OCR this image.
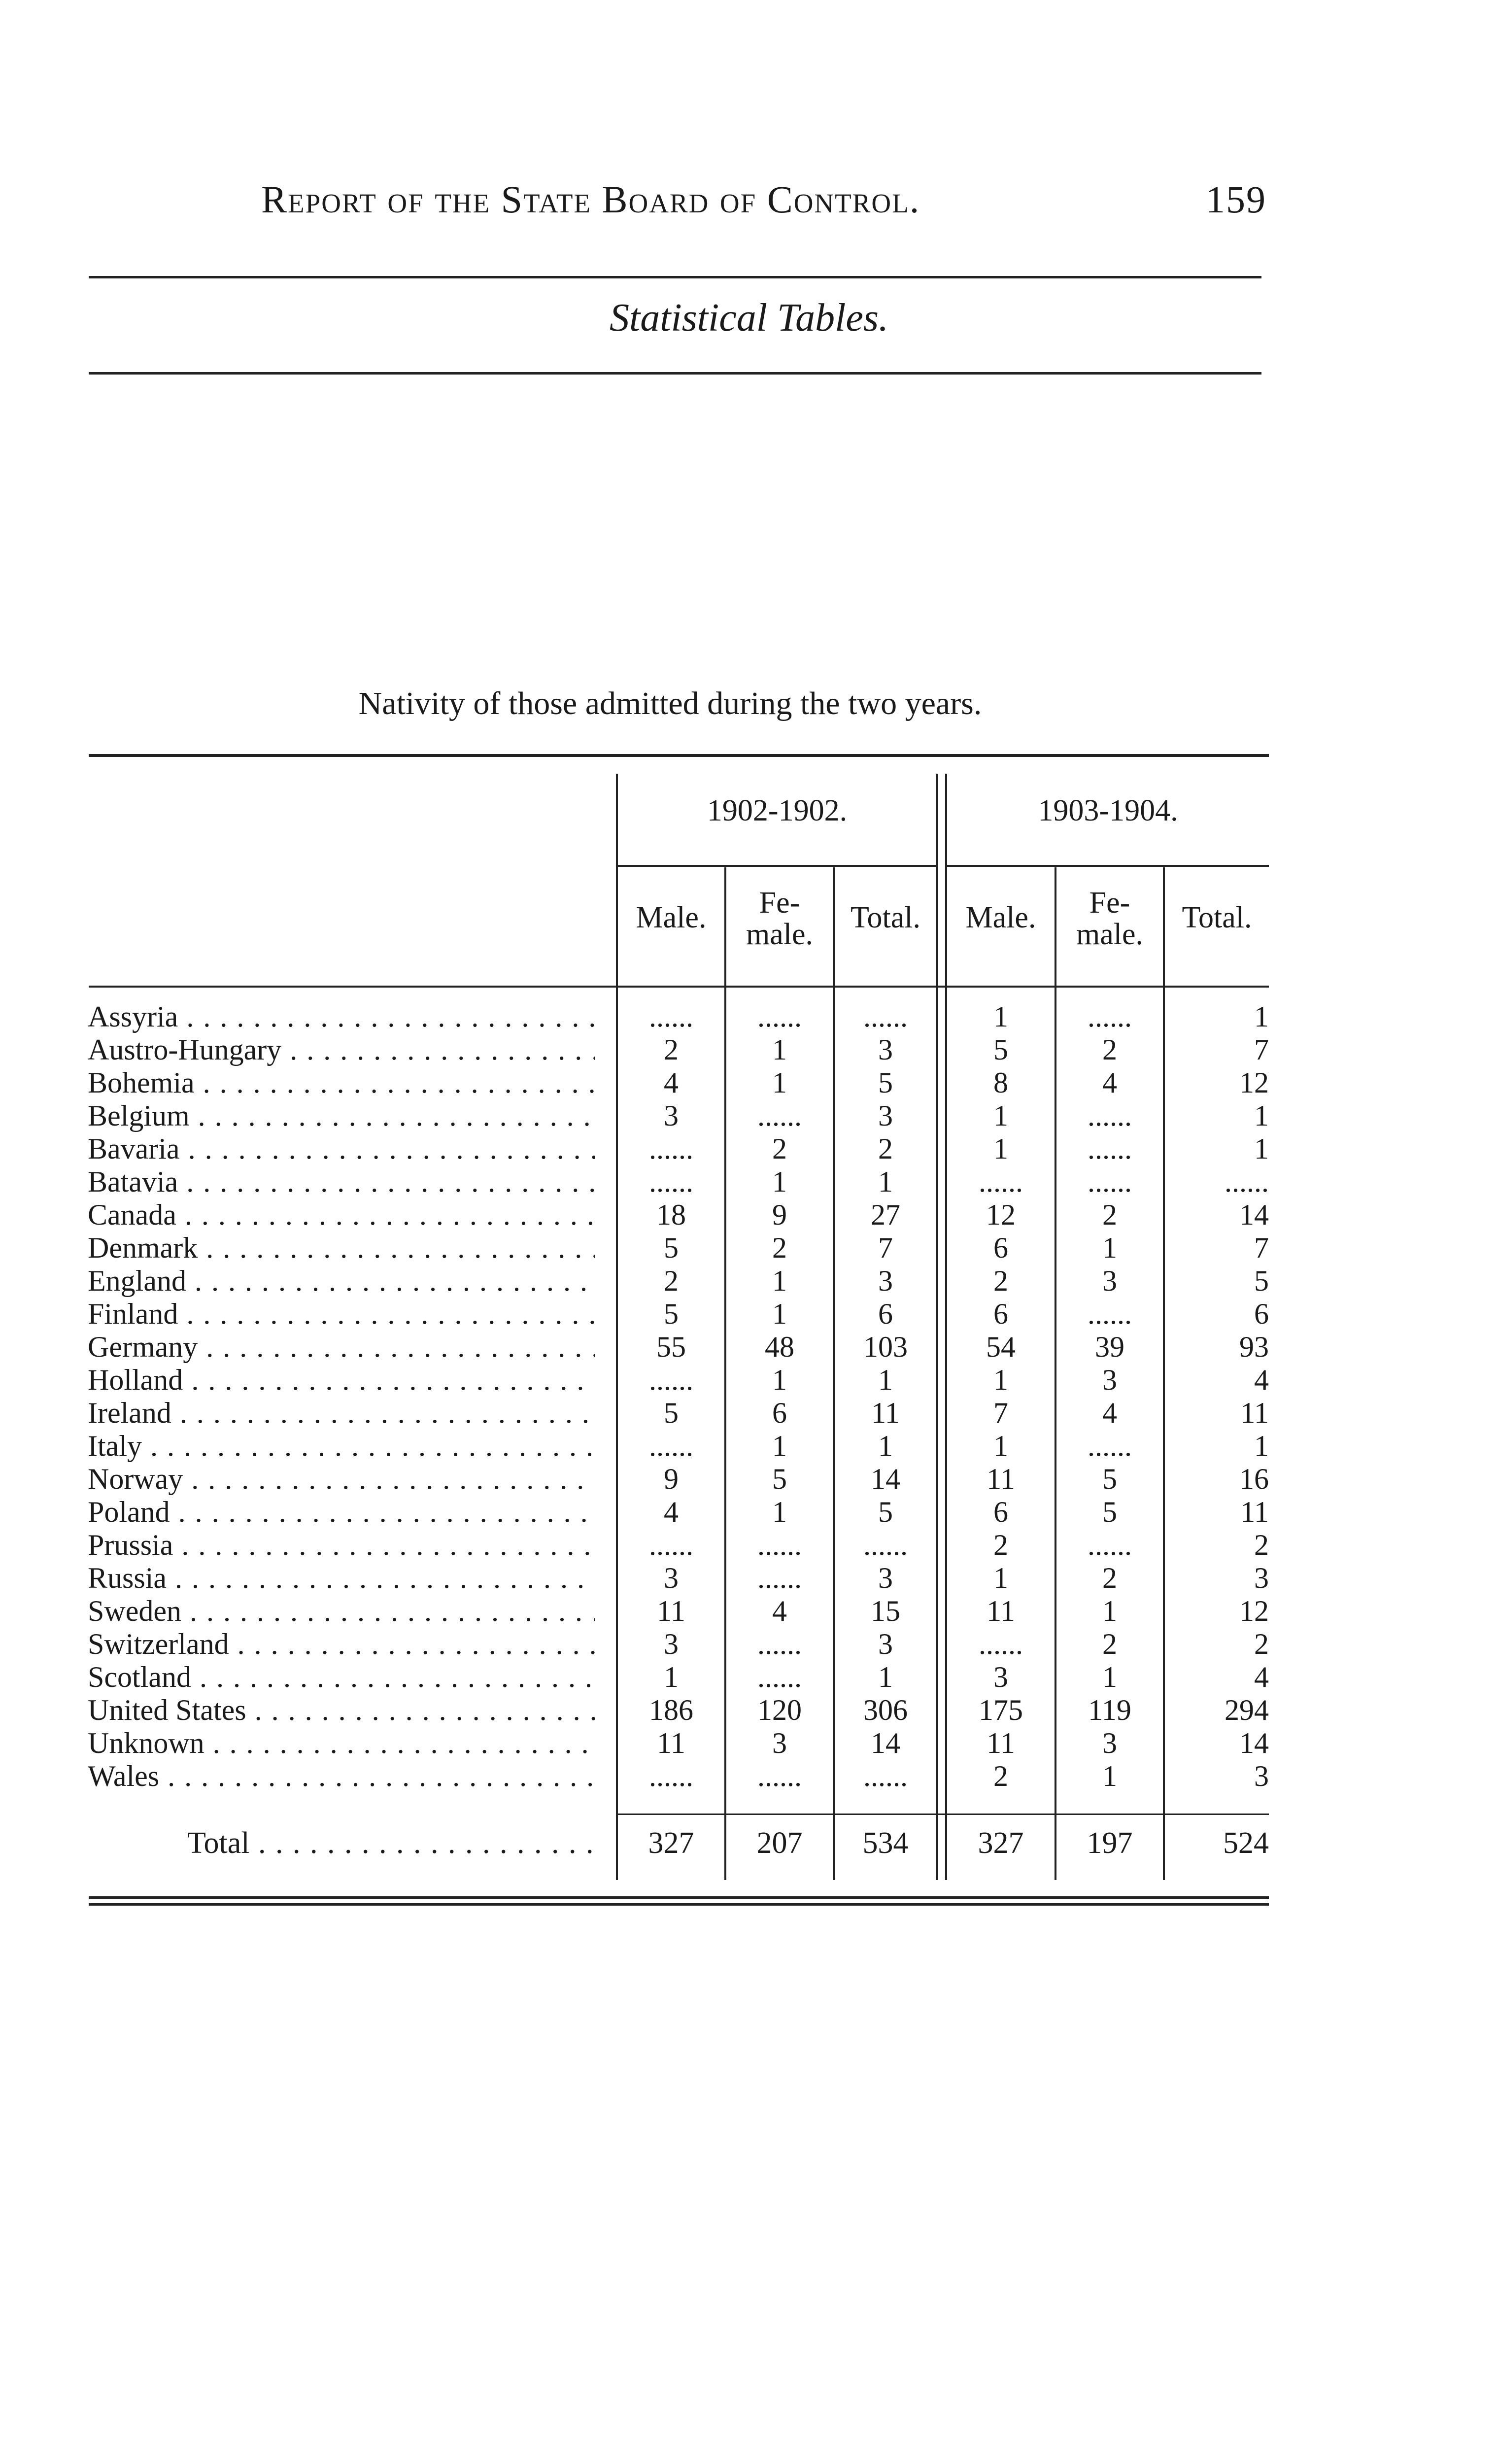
Report of the State Board of Control.	159
Statistical Tables.
Nativity of those admitted during the two years.
1902-1902.	1903-1904.
Male.	Fe-
male.	Total.	Male.	Fe-
male.	Total.
Assyria . . .	......	......	......	1	......	1
Austro-Hungary . . .	2	1	3	5	2	7
Bohemia . . .	4	1	5	8	4	12
Belgium . . .	3	......	3	1	......	1
Bavaria . . .	......	2	2	1	......	1
Batavia . . .	......	1	1	......	......	......
Canada . . .	18	9	27	12	2	14
Denmark . . .	5	2	7	6	1	7
England . . .	2	1	3	2	3	5
Finland . . .	5	1	6	6	......	6
Germany . . .	55	48	103	54	39	93
Holland . . .	......	1	1	1	3	4
Ireland . . .	5	6	11	7	4	11
Italy . . .	......	1	1	1	......	1
Norway . . .	9	5	14	11	5	16
Poland . . .	4	1	5	6	5	11
Prussia . . .	......	......	......	2	......	2
Russia . . .	3	......	3	1	2	3
Sweden . . .	11	4	15	11	1	12
Switzerland . . .	3	......	3	......	2	2
Scotland . . .	1	......	1	3	1	4
United States . . .	186	120	306	175	119	294
Unknown . . .	11	3	14	11	3	14
Wales . . .	......	......	......	2	1	3
Total . . .	327	207	534	327	197	524
